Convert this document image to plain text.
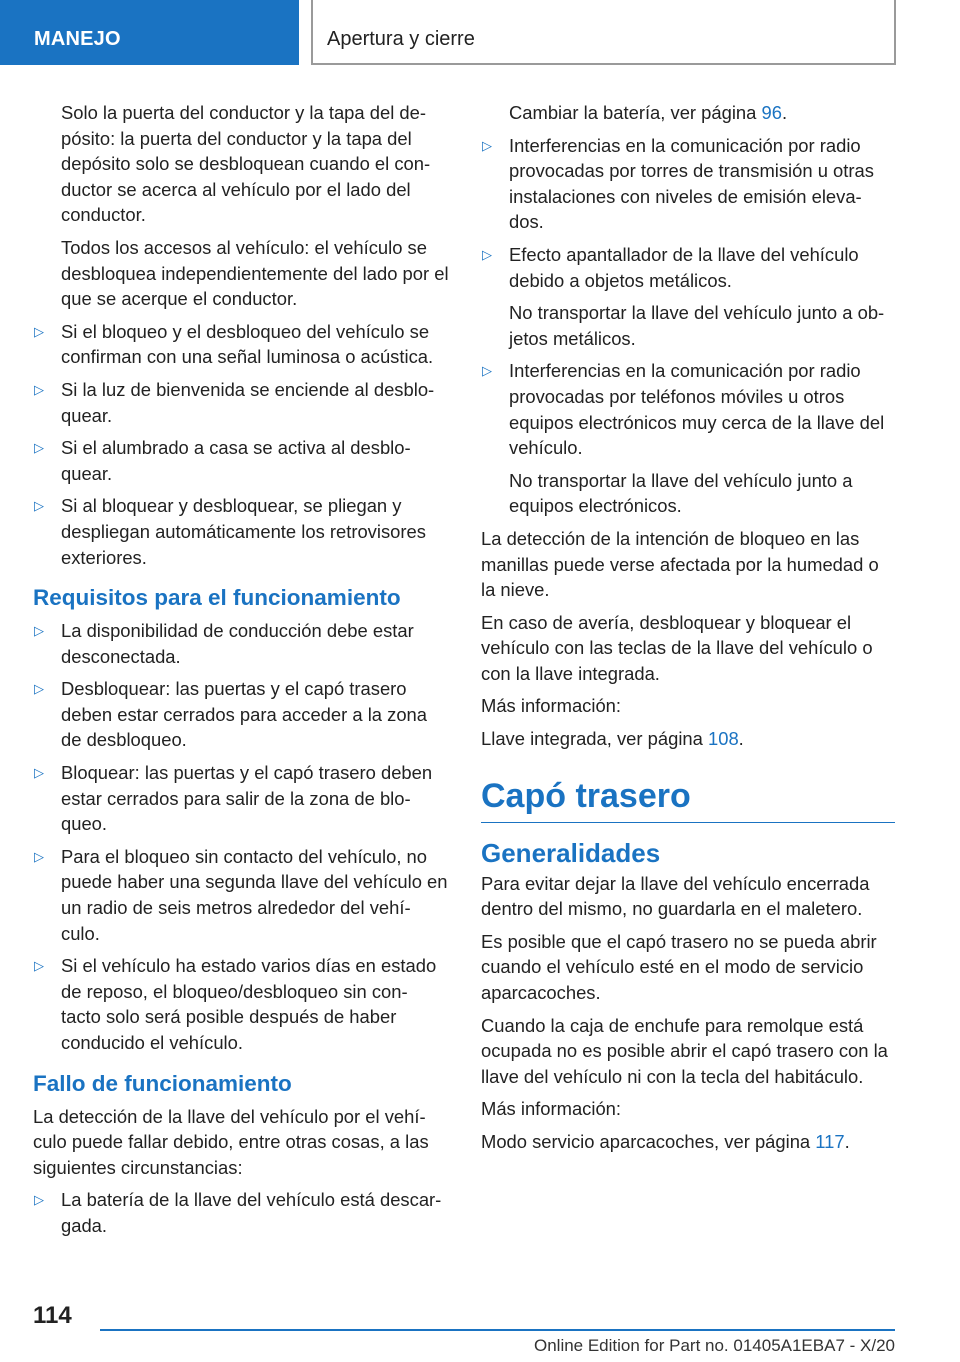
MANEJO	Apertura y cierre

Solo la puerta del conductor y la tapa del de- pósito: la puerta del conductor y la tapa del depósito solo se desbloquean cuando el con- ductor se acerca al vehículo por el lado del conductor.

Todos los accesos al vehículo: el vehículo se desbloquea independientemente del lado por el que se acerque el conductor.

▷ Si el bloqueo y el desbloqueo del vehículo se confirman con una señal luminosa o acústica.

▷ Si la luz de bienvenida se enciende al desblo- quear.

▷ Si el alumbrado a casa se activa al desblo- quear.

▷ Si al bloquear y desbloquear, se pliegan y despliegan automáticamente los retrovisores exteriores.

Requisitos para el funcionamiento
▷ La disponibilidad de conducción debe estar desconectada.

▷ Desbloquear: las puertas y el capó trasero deben estar cerrados para acceder a la zona de desbloqueo.

▷ Bloquear: las puertas y el capó trasero deben estar cerrados para salir de la zona de blo- queo.

▷ Para el bloqueo sin contacto del vehículo, no puede haber una segunda llave del vehículo en un radio de seis metros alrededor del vehí- culo.

▷ Si el vehículo ha estado varios días en estado de reposo, el bloqueo/desbloqueo sin con- tacto solo será posible después de haber conducido el vehículo.

Fallo de funcionamiento

La detección de la llave del vehículo por el vehí- culo puede fallar debido, entre otras cosas, a las siguientes circunstancias:

▷ La batería de la llave del vehículo está descar- gada.

Cambiar la batería, ver página 96.

▷ Interferencias en la comunicación por radio provocadas por torres de transmisión u otras instalaciones con niveles de emisión eleva- dos.

▷ Efecto apantallador de la llave del vehículo debido a objetos metálicos.

No transportar la llave del vehículo junto a ob- jetos metálicos.

▷ Interferencias en la comunicación por radio provocadas por teléfonos móviles u otros equipos electrónicos muy cerca de la llave del vehículo.

No transportar la llave del vehículo junto a equipos electrónicos.

La detección de la intención de bloqueo en las manillas puede verse afectada por la humedad o la nieve.

En caso de avería, desbloquear y bloquear el vehículo con las teclas de la llave del vehículo o con la llave integrada.

Más información:

Llave integrada, ver página 108.

Capó trasero
Generalidades

Para evitar dejar la llave del vehículo encerrada dentro del mismo, no guardarla en el maletero.

Es posible que el capó trasero no se pueda abrir cuando el vehículo esté en el modo de servicio aparcacoches.

Cuando la caja de enchufe para remolque está ocupada no es posible abrir el capó trasero con la llave del vehículo ni con la tecla del habitáculo.

Más información:

Modo servicio aparcacoches, ver página 117.

114
Online Edition for Part no. 01405A1EBA7 - X/20
